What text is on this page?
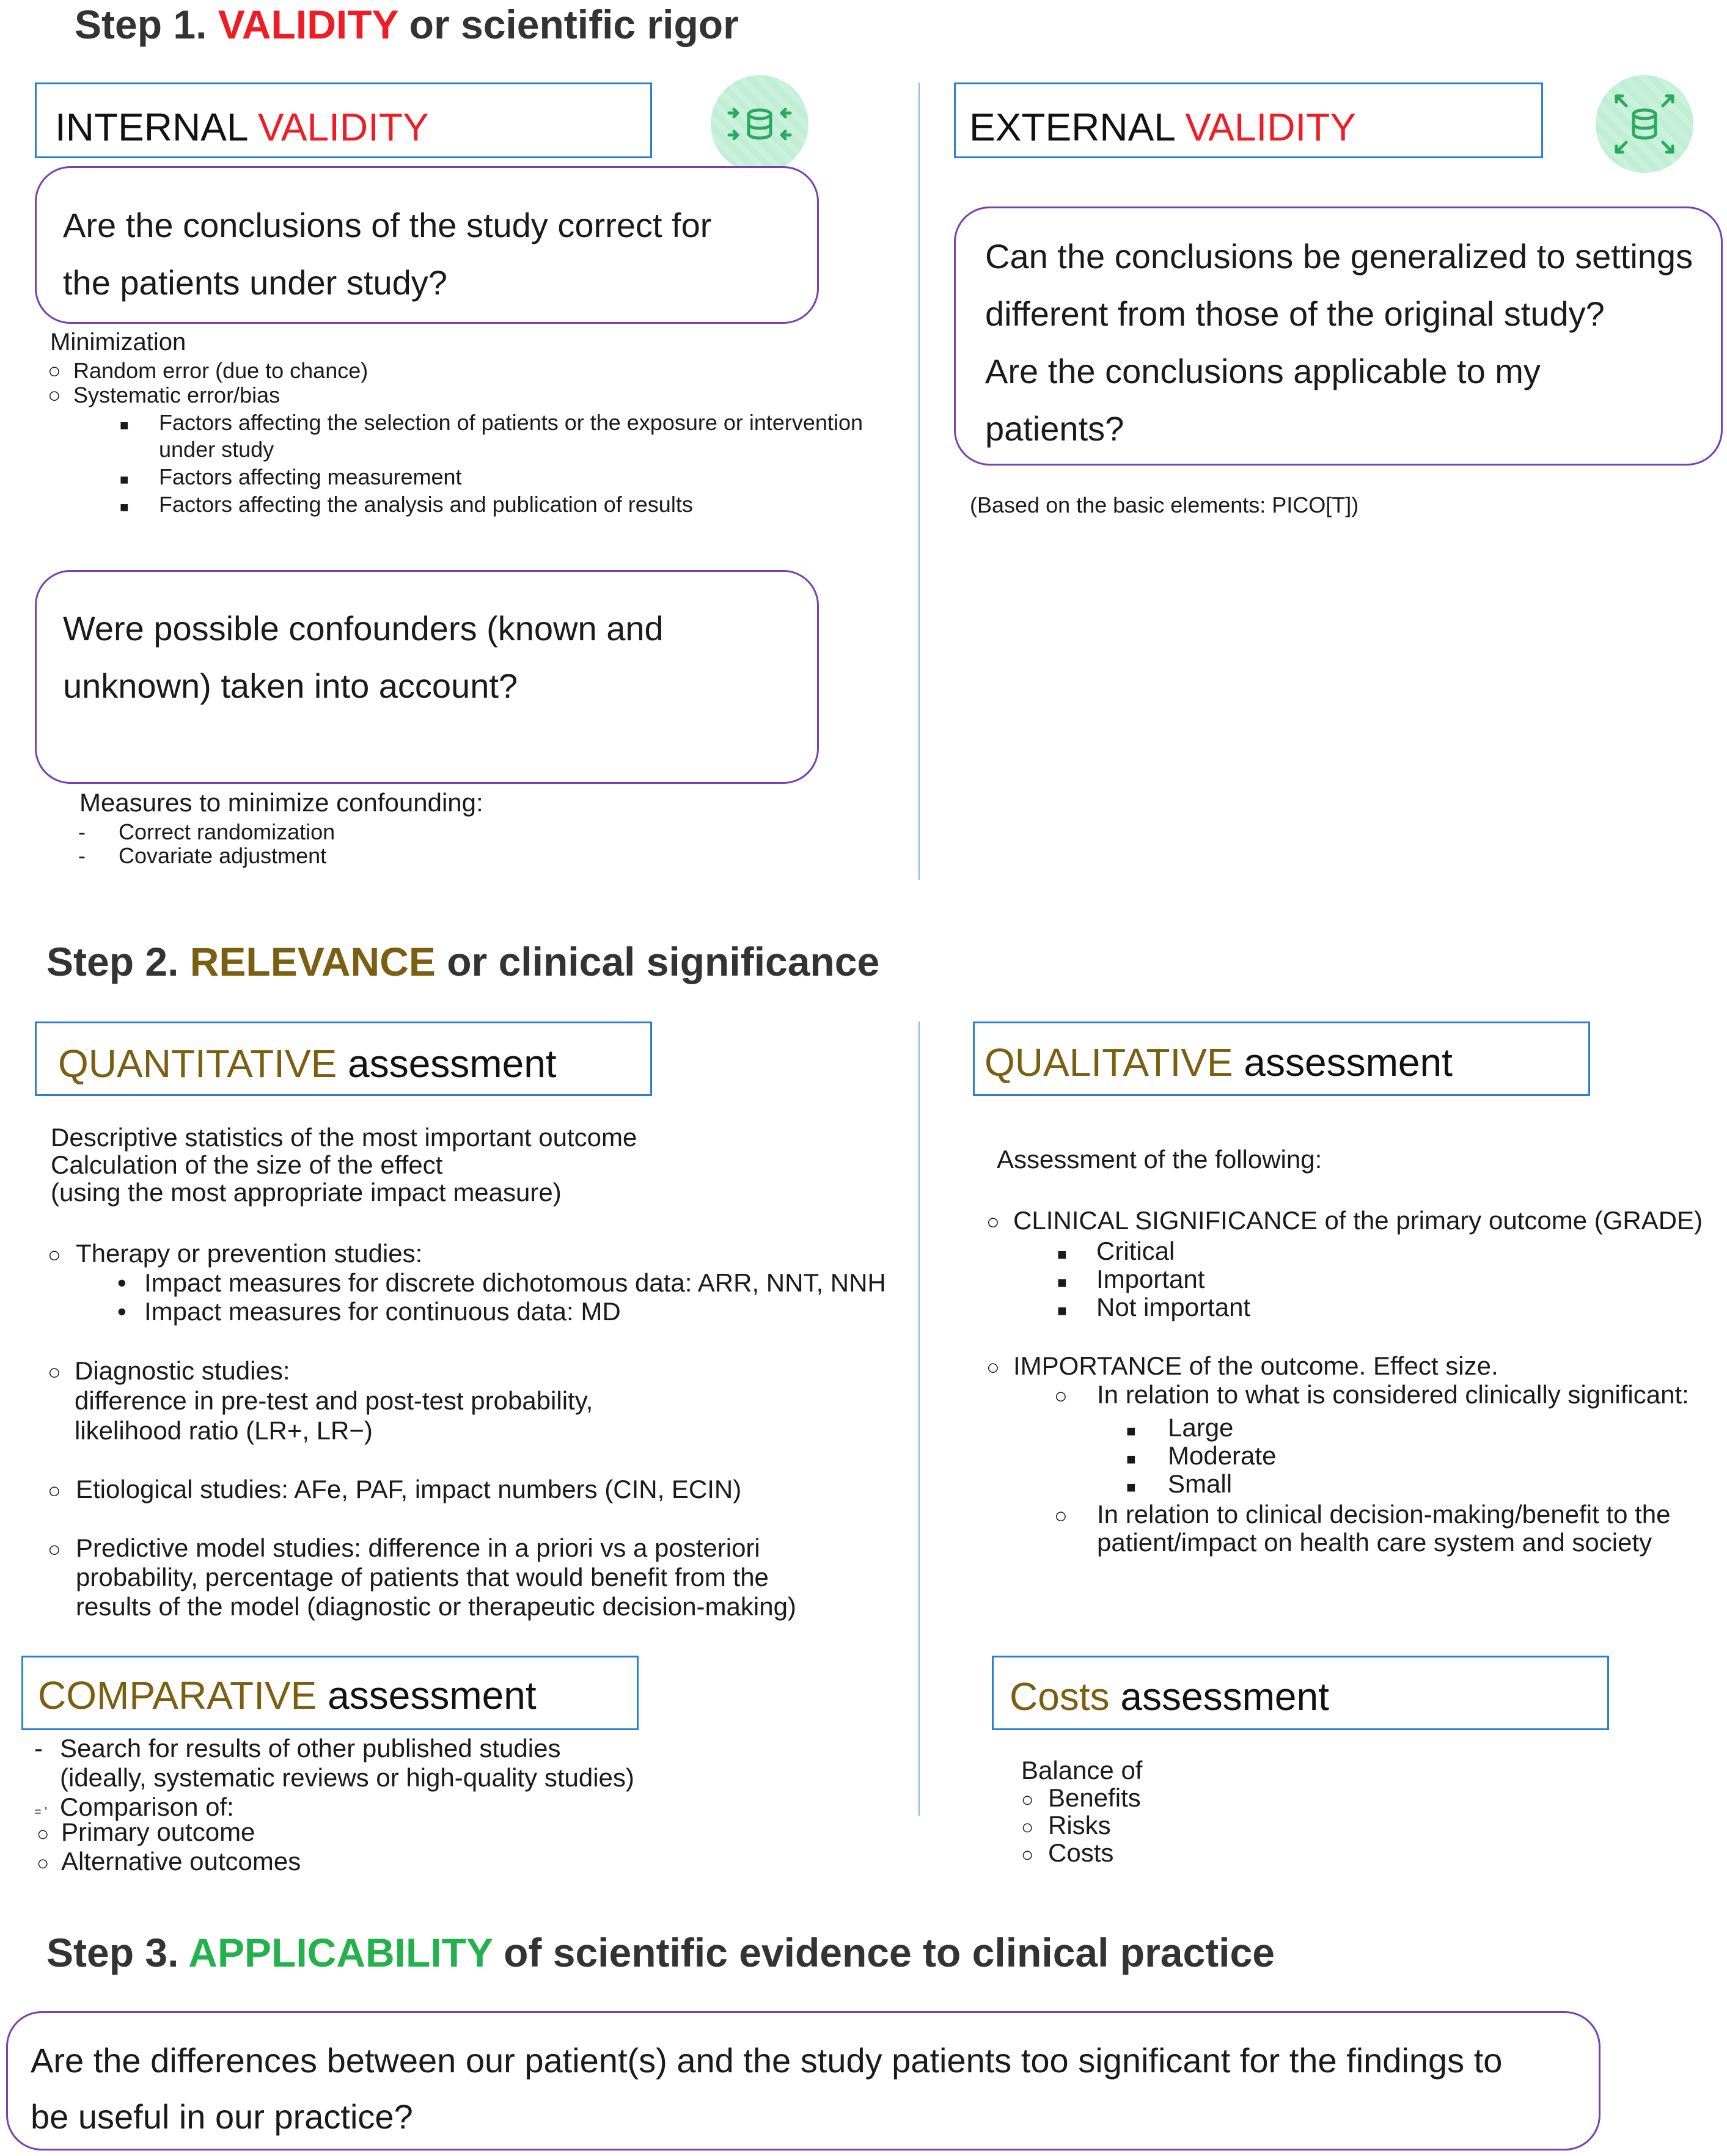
Step 1. VALIDITY or scientific rigor
INTERNAL VALIDITY
Are the conclusions of the study correct for
the patients under study?
Minimization
○ Random error (due to chance)
○ Systematic error/bias
■ Factors affecting the selection of patients or the exposure or intervention
under study
■ Factors affecting measurement
■ Factors affecting the analysis and publication of results
Were possible confounders (known and
unknown) taken into account?
Measures to minimize confounding:
- Correct randomization
- Covariate adjustment
EXTERNAL VALIDITY
Can the conclusions be generalized to settings
different from those of the original study?
Are the conclusions applicable to my
patients?
(Based on the basic elements: PICO[T])
Step 2. RELEVANCE or clinical significance
QUANTITATIVE assessment
Descriptive statistics of the most important outcome
Calculation of the size of the effect
(using the most appropriate impact measure)
○ Therapy or prevention studies:
• Impact measures for discrete dichotomous data: ARR, NNT, NNH
• Impact measures for continuous data: MD
○ Diagnostic studies:
difference in pre-test and post-test probability,
likelihood ratio (LR+, LR−)
○ Etiological studies: AFe, PAF, impact numbers (CIN, ECIN)
○ Predictive model studies: difference in a priori vs a posteriori
probability, percentage of patients that would benefit from the
results of the model (diagnostic or therapeutic decision-making)
QUALITATIVE assessment
Assessment of the following:
○ CLINICAL SIGNIFICANCE of the primary outcome (GRADE)
■ Critical
■ Important
■ Not important
○ IMPORTANCE of the outcome. Effect size.
○ In relation to what is considered clinically significant:
■ Large
■ Moderate
■ Small
○ In relation to clinical decision-making/benefit to the
patient/impact on health care system and society
COMPARATIVE assessment
- Search for results of other published studies
(ideally, systematic reviews or high-quality studies)
= ' Comparison of:
○ Primary outcome
○ Alternative outcomes
Costs assessment
Balance of
○ Benefits
○ Risks
○ Costs
Step 3. APPLICABILITY of scientific evidence to clinical practice
Are the differences between our patient(s) and the study patients too significant for the findings to
be useful in our practice?
